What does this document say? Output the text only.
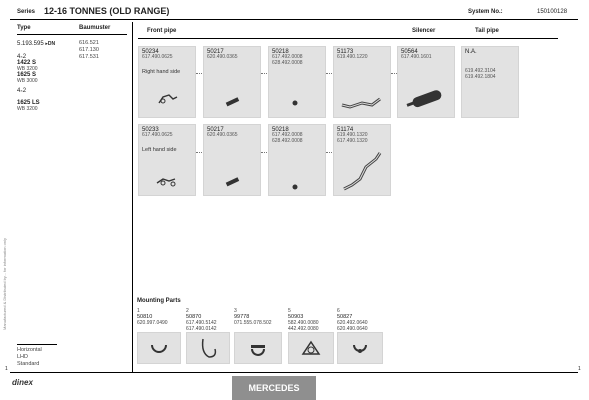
Manufactured & Distributed by... for information only
Series 12-16 TONNES (OLD RANGE)	System No.:	150100128
Type	Baumuster
5.193.595 ▸DN
4×2
1422 S
WB 3200
1625 S
WB 3000
616.521
617.130
617.531
4×2
1625 LS
WB 3200
Horizontal
LHD
Standard
Front pipe	Silencer	Tail pipe
50234
617.490.0625
Right hand side
50217
620.490.0365
50218
617.492.0008
628.492.0008
51173
619.490.1220
50564
617.490.1601
N.A.
619.492.3104
619.492.1804
50233
617.490.0625
Left hand side
50217
620.490.0365
50218
617.492.0008
628.492.0008
51174
619.490.1320
617.490.1320
Mounting Parts
1
50810
620.997.0490
2
50870
617.490.5142
617.490.0142
3
99778
071.555.078.502
5
50903
582.490.0080
442.492.0080
6
50827
620.492.0640
620.490.0640
1	1
dinex
MERCEDES
